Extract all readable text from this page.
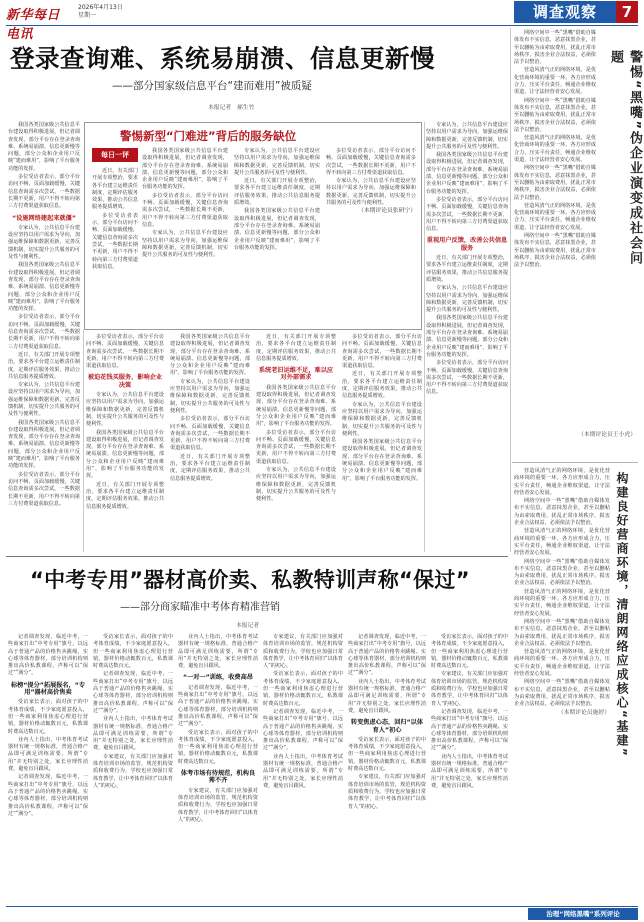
新华每日电讯
2026年4月13日
星期一	调查观察	7
登录查询难、系统易崩溃、信息更新慢
——部分国家级信息平台“建而难用”被质疑
本报记者　郝生竹

我国各类国家级公共信息平台建设取得积极进展，但记者调查发现，部分平台存在登录查询难、系统易崩溃、信息更新慢等问题，部分公众和企业用户反映“建而难用”，影响了平台服务功能的发挥。

多位受访者表示，部分平台访问不畅、页面加载缓慢，关键信息查询需多次尝试，一些数据长期不更新，用户不得不转向第三方付费渠道获取信息。

“设施网络建起来就僵”

专家认为，公共信息平台建设应坚持以用户需求为导向，加强运维保障和数据更新，完善反馈机制，切实提升公共服务的可及性与便利性。

我国各类国家级公共信息平台建设取得积极进展，但记者调查发现，部分平台存在登录查询难、系统易崩溃、信息更新慢等问题，部分公众和企业用户反映“建而难用”，影响了平台服务功能的发挥。

多位受访者表示，部分平台访问不畅、页面加载缓慢，关键信息查询需多次尝试，一些数据长期不更新，用户不得不转向第三方付费渠道获取信息。

近日，有关部门开展专项整治，要求各平台建立运维责任制度，定期评估服务效果，推动公共信息服务提质增效。

专家认为，公共信息平台建设应坚持以用户需求为导向，加强运维保障和数据更新，完善反馈机制，切实提升公共服务的可及性与便利性。

我国各类国家级公共信息平台建设取得积极进展，但记者调查发现，部分平台存在登录查询难、系统易崩溃、信息更新慢等问题，部分公众和企业用户反映“建而难用”，影响了平台服务功能的发挥。

多位受访者表示，部分平台访问不畅、页面加载缓慢，关键信息查询需多次尝试，一些数据长期不更新，用户不得不转向第三方付费渠道获取信息。

警惕新型“门难进”背后的服务缺位
每日一评	我国各类国家级公共信息平台建设取得积极进展，但记者调查发现，部分平台存在登录查询难、系统易崩溃、信息更新慢等问题，部分公众和企业用户反映“建而难用”，影响了平台服务功能的发挥。

多位受访者表示，部分平台访问不畅、页面加载缓慢，关键信息查询需多次尝试，一些数据长期不更新，用户不得不转向第三方付费渠道获取信息。

专家认为，公共信息平台建设应坚持以用户需求为导向，加强运维保障和数据更新，完善反馈机制，切实提升公共服务的可及性与便利性。

近日，有关部门开展专项整治，要求各平台建立运维责任制度，定期评估服务效果，推动公共信息服务提质增效。

多位受访者表示，部分平台访问不畅、页面加载缓慢，关键信息查询需多次尝试，一些数据长期不更新，用户不得不转向第三方付费渠道获取信息。

专家认为，公共信息平台建设应坚持以用户需求为导向，加强运维保障和数据更新，完善反馈机制，切实提升公共服务的可及性与便利性。

近日，有关部门开展专项整治，要求各平台建立运维责任制度，定期评估服务效果，推动公共信息服务提质增效。

我国各类国家级公共信息平台建设取得积极进展，但记者调查发现，部分平台存在登录查询难、系统易崩溃、信息更新慢等问题，部分公众和企业用户反映“建而难用”，影响了平台服务功能的发挥。

多位受访者表示，部分平台访问不畅、页面加载缓慢，关键信息查询需多次尝试，一些数据长期不更新，用户不得不转向第三方付费渠道获取信息。

专家认为，公共信息平台建设应坚持以用户需求为导向，加强运维保障和数据更新，完善反馈机制，切实提升公共服务的可及性与便利性。

（本期评论员张研宁）

多位受访者表示，部分平台访问不畅、页面加载缓慢，关键信息查询需多次尝试，一些数据长期不更新，用户不得不转向第三方付费渠道获取信息。

被迫花钱买服务，影响企业决策

专家认为，公共信息平台建设应坚持以用户需求为导向，加强运维保障和数据更新，完善反馈机制，切实提升公共服务的可及性与便利性。

我国各类国家级公共信息平台建设取得积极进展，但记者调查发现，部分平台存在登录查询难、系统易崩溃、信息更新慢等问题，部分公众和企业用户反映“建而难用”，影响了平台服务功能的发挥。

近日，有关部门开展专项整治，要求各平台建立运维责任制度，定期评估服务效果，推动公共信息服务提质增效。

我国各类国家级公共信息平台建设取得积极进展，但记者调查发现，部分平台存在登录查询难、系统易崩溃、信息更新慢等问题，部分公众和企业用户反映“建而难用”，影响了平台服务功能的发挥。

专家认为，公共信息平台建设应坚持以用户需求为导向，加强运维保障和数据更新，完善反馈机制，切实提升公共服务的可及性与便利性。

多位受访者表示，部分平台访问不畅、页面加载缓慢，关键信息查询需多次尝试，一些数据长期不更新，用户不得不转向第三方付费渠道获取信息。

近日，有关部门开展专项整治，要求各平台建立运维责任制度，定期评估服务效果，推动公共信息服务提质增效。

近日，有关部门开展专项整治，要求各平台建立运维责任制度，定期评估服务效果，推动公共信息服务提质增效。

系统老旧运维不足，难以应对外部需求

我国各类国家级公共信息平台建设取得积极进展，但记者调查发现，部分平台存在登录查询难、系统易崩溃、信息更新慢等问题，部分公众和企业用户反映“建而难用”，影响了平台服务功能的发挥。

多位受访者表示，部分平台访问不畅、页面加载缓慢，关键信息查询需多次尝试，一些数据长期不更新，用户不得不转向第三方付费渠道获取信息。

专家认为，公共信息平台建设应坚持以用户需求为导向，加强运维保障和数据更新，完善反馈机制，切实提升公共服务的可及性与便利性。

专家认为，公共信息平台建设应坚持以用户需求为导向，加强运维保障和数据更新，完善反馈机制，切实提升公共服务的可及性与便利性。

我国各类国家级公共信息平台建设取得积极进展，但记者调查发现，部分平台存在登录查询难、系统易崩溃、信息更新慢等问题，部分公众和企业用户反映“建而难用”，影响了平台服务功能的发挥。

多位受访者表示，部分平台访问不畅、页面加载缓慢，关键信息查询需多次尝试，一些数据长期不更新，用户不得不转向第三方付费渠道获取信息。

重视用户反馈，改善公共信息服务

近日，有关部门开展专项整治，要求各平台建立运维责任制度，定期评估服务效果，推动公共信息服务提质增效。

专家认为，公共信息平台建设应坚持以用户需求为导向，加强运维保障和数据更新，完善反馈机制，切实提升公共服务的可及性与便利性。

我国各类国家级公共信息平台建设取得积极进展，但记者调查发现，部分平台存在登录查询难、系统易崩溃、信息更新慢等问题，部分公众和企业用户反映“建而难用”，影响了平台服务功能的发挥。

多位受访者表示，部分平台访问不畅、页面加载缓慢，关键信息查询需多次尝试，一些数据长期不更新，用户不得不转向第三方付费渠道获取信息。

多位受访者表示，部分平台访问不畅、页面加载缓慢，关键信息查询需多次尝试，一些数据长期不更新，用户不得不转向第三方付费渠道获取信息。

近日，有关部门开展专项整治，要求各平台建立运维责任制度，定期评估服务效果，推动公共信息服务提质增效。

专家认为，公共信息平台建设应坚持以用户需求为导向，加强运维保障和数据更新，完善反馈机制，切实提升公共服务的可及性与便利性。

我国各类国家级公共信息平台建设取得积极进展，但记者调查发现，部分平台存在登录查询难、系统易崩溃、信息更新慢等问题，部分公众和企业用户反映“建而难用”，影响了平台服务功能的发挥。

网络空间中一些“黑嘴”借助自媒体发布不实信息，恶意抹黑企业，甚至以删帖为由索取费用，扰乱正常市场秩序，损害企业合法权益，必须依法予以整治。

营造风清气正的网络环境，是优化营商环境的重要一环。各方应形成合力，压实平台责任，畅通企业维权渠道，让守法经营者安心发展。

网络空间中一些“黑嘴”借助自媒体发布不实信息，恶意抹黑企业，甚至以删帖为由索取费用，扰乱正常市场秩序，损害企业合法权益，必须依法予以整治。

营造风清气正的网络环境，是优化营商环境的重要一环。各方应形成合力，压实平台责任，畅通企业维权渠道，让守法经营者安心发展。

网络空间中一些“黑嘴”借助自媒体发布不实信息，恶意抹黑企业，甚至以删帖为由索取费用，扰乱正常市场秩序，损害企业合法权益，必须依法予以整治。

营造风清气正的网络环境，是优化营商环境的重要一环。各方应形成合力，压实平台责任，畅通企业维权渠道，让守法经营者安心发展。

网络空间中一些“黑嘴”借助自媒体发布不实信息，恶意抹黑企业，甚至以删帖为由索取费用，扰乱正常市场秩序，损害企业合法权益，必须依法予以整治。	警惕“黑嘴”伪企业演变成社会问题
（本期评论员王小虎）
构建良好营商环境，清朗网络应成核心“基建”

营造风清气正的网络环境，是优化营商环境的重要一环。各方应形成合力，压实平台责任，畅通企业维权渠道，让守法经营者安心发展。

网络空间中一些“黑嘴”借助自媒体发布不实信息，恶意抹黑企业，甚至以删帖为由索取费用，扰乱正常市场秩序，损害企业合法权益，必须依法予以整治。

营造风清气正的网络环境，是优化营商环境的重要一环。各方应形成合力，压实平台责任，畅通企业维权渠道，让守法经营者安心发展。

网络空间中一些“黑嘴”借助自媒体发布不实信息，恶意抹黑企业，甚至以删帖为由索取费用，扰乱正常市场秩序，损害企业合法权益，必须依法予以整治。

营造风清气正的网络环境，是优化营商环境的重要一环。各方应形成合力，压实平台责任，畅通企业维权渠道，让守法经营者安心发展。

网络空间中一些“黑嘴”借助自媒体发布不实信息，恶意抹黑企业，甚至以删帖为由索取费用，扰乱正常市场秩序，损害企业合法权益，必须依法予以整治。

营造风清气正的网络环境，是优化营商环境的重要一环。各方应形成合力，压实平台责任，畅通企业维权渠道，让守法经营者安心发展。

网络空间中一些“黑嘴”借助自媒体发布不实信息，恶意抹黑企业，甚至以删帖为由索取费用，扰乱正常市场秩序，损害企业合法权益，必须依法予以整治。

（本期评论员施婷）
“中考专用”器材高价卖、私教特训声称“保过”
——部分商家瞄准中考体育精准营销
本报记者

记者调查发现，临近中考，一些商家打出“中考专用”旗号，以远高于普通产品的价格售卖跳绳、实心球等体育器材，部分培训机构则推出高价私教课程，声称可以“保过”“满分”。

标榜“提分”拓展报名，“专用”器材高价售卖

受访家长表示，面对孩子的中考体育成绩，不少家庭愿意投入，但一些商家利用焦虑心理进行营销，器材价格动辄数百元，私教课时费高达数百元。

业内人士指出，中考体育考试器材有统一规格标准，普通合格产品即可满足训练需要，所谓“专用”并无特别之处，家长应理性消费，避免盲目跟风。

记者调查发现，临近中考，一些商家打出“中考专用”旗号，以远高于普通产品的价格售卖跳绳、实心球等体育器材，部分培训机构则推出高价私教课程，声称可以“保过”“满分”。

受访家长表示，面对孩子的中考体育成绩，不少家庭愿意投入，但一些商家利用焦虑心理进行营销，器材价格动辄数百元，私教课时费高达数百元。

记者调查发现，临近中考，一些商家打出“中考专用”旗号，以远高于普通产品的价格售卖跳绳、实心球等体育器材，部分培训机构则推出高价私教课程，声称可以“保过”“满分”。

业内人士指出，中考体育考试器材有统一规格标准，普通合格产品即可满足训练需要，所谓“专用”并无特别之处，家长应理性消费，避免盲目跟风。

专家建议，有关部门应加强对体育培训市场的监管，规范机构资质和收费行为，学校也应加强日常体育教学，让中考体育回归“以体育人”的初心。

业内人士指出，中考体育考试器材有统一规格标准，普通合格产品即可满足训练需要，所谓“专用”并无特别之处，家长应理性消费，避免盲目跟风。

“一对一”训练，收费高昂

记者调查发现，临近中考，一些商家打出“中考专用”旗号，以远高于普通产品的价格售卖跳绳、实心球等体育器材，部分培训机构则推出高价私教课程，声称可以“保过”“满分”。

受访家长表示，面对孩子的中考体育成绩，不少家庭愿意投入，但一些商家利用焦虑心理进行营销，器材价格动辄数百元，私教课时费高达数百元。

体考市场有待规范，机构良莠不齐

专家建议，有关部门应加强对体育培训市场的监管，规范机构资质和收费行为，学校也应加强日常体育教学，让中考体育回归“以体育人”的初心。

专家建议，有关部门应加强对体育培训市场的监管，规范机构资质和收费行为，学校也应加强日常体育教学，让中考体育回归“以体育人”的初心。

受访家长表示，面对孩子的中考体育成绩，不少家庭愿意投入，但一些商家利用焦虑心理进行营销，器材价格动辄数百元，私教课时费高达数百元。

记者调查发现，临近中考，一些商家打出“中考专用”旗号，以远高于普通产品的价格售卖跳绳、实心球等体育器材，部分培训机构则推出高价私教课程，声称可以“保过”“满分”。

业内人士指出，中考体育考试器材有统一规格标准，普通合格产品即可满足训练需要，所谓“专用”并无特别之处，家长应理性消费，避免盲目跟风。

记者调查发现，临近中考，一些商家打出“中考专用”旗号，以远高于普通产品的价格售卖跳绳、实心球等体育器材，部分培训机构则推出高价私教课程，声称可以“保过”“满分”。

业内人士指出，中考体育考试器材有统一规格标准，普通合格产品即可满足训练需要，所谓“专用”并无特别之处，家长应理性消费，避免盲目跟风。

转变焦虑心态，回归“以体育人”初心

受访家长表示，面对孩子的中考体育成绩，不少家庭愿意投入，但一些商家利用焦虑心理进行营销，器材价格动辄数百元，私教课时费高达数百元。

专家建议，有关部门应加强对体育培训市场的监管，规范机构资质和收费行为，学校也应加强日常体育教学，让中考体育回归“以体育人”的初心。

受访家长表示，面对孩子的中考体育成绩，不少家庭愿意投入，但一些商家利用焦虑心理进行营销，器材价格动辄数百元，私教课时费高达数百元。

专家建议，有关部门应加强对体育培训市场的监管，规范机构资质和收费行为，学校也应加强日常体育教学，让中考体育回归“以体育人”的初心。

记者调查发现，临近中考，一些商家打出“中考专用”旗号，以远高于普通产品的价格售卖跳绳、实心球等体育器材，部分培训机构则推出高价私教课程，声称可以“保过”“满分”。

业内人士指出，中考体育考试器材有统一规格标准，普通合格产品即可满足训练需要，所谓“专用”并无特别之处，家长应理性消费，避免盲目跟风。

治理“网络黑嘴”系列评论
